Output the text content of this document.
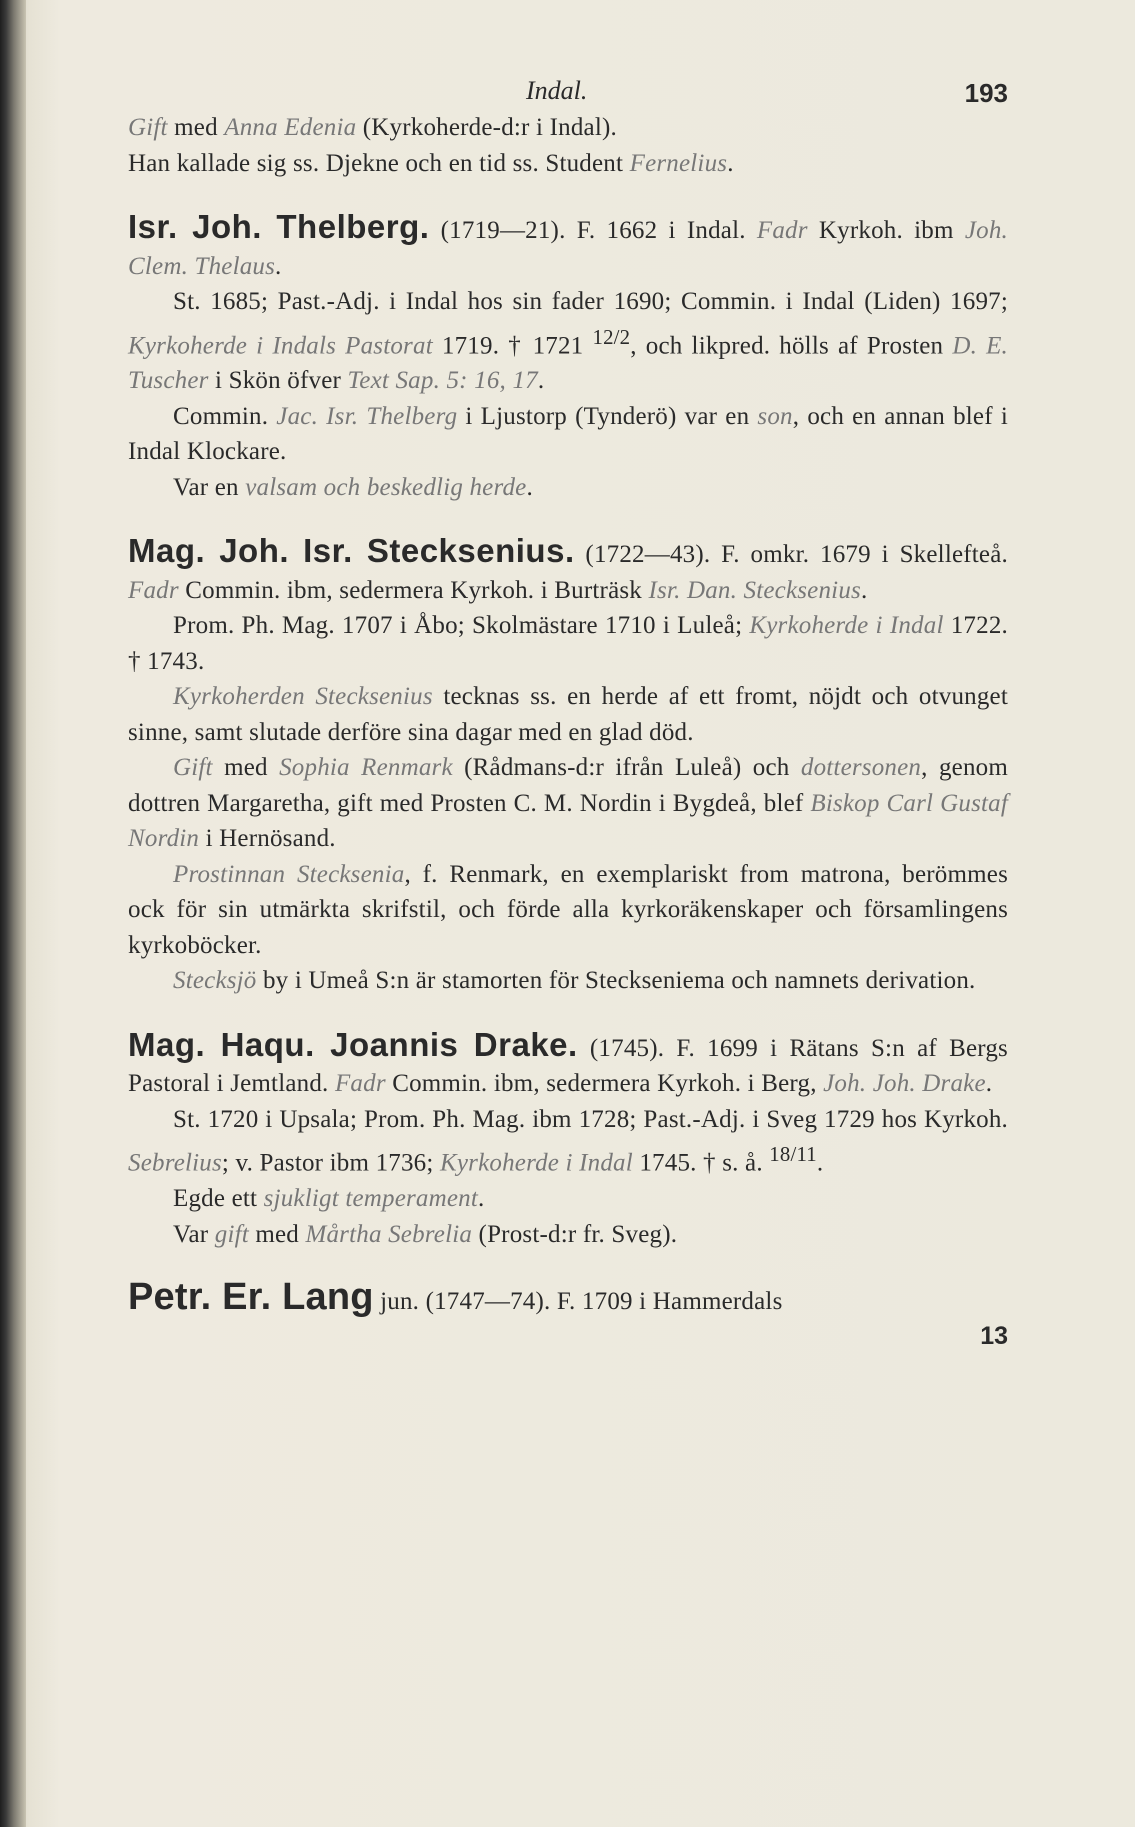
Indal.	193

Gift med Anna Edenia (Kyrkoherde-d:r i Indal).

Han kallade sig ss. Djekne och en tid ss. Student Fernelius.

Isr. Joh. Thelberg. (1719—21). F. 1662 i Indal. Fadr Kyrkoh. ibm Joh. Clem. Thelaus.

St. 1685; Past.-Adj. i Indal hos sin fader 1690; Commin. i Indal (Liden) 1697; Kyrkoherde i Indals Pastorat 1719. † 1721 $^{12/2}$, och likpred. hölls af Prosten D. E. Tuscher i Skön öfver Text Sap. 5: 16, 17.

Commin. Jac. Isr. Thelberg i Ljustorp (Tynderö) var en son, och en annan blef i Indal Klockare.

Var en valsam och beskedlig herde.

Mag. Joh. Isr. Stecksenius. (1722—43). F. omkr. 1679 i Skellefteå. Fadr Commin. ibm, sedermera Kyrkoh. i Burträsk Isr. Dan. Stecksenius.

Prom. Ph. Mag. 1707 i Åbo; Skolmästare 1710 i Luleå; Kyrkoherde i Indal 1722. † 1743.

Kyrkoherden Stecksenius tecknas ss. en herde af ett fromt, nöjdt och otvunget sinne, samt slutade derföre sina dagar med en glad död.

Gift med Sophia Renmark (Rådmans-d:r ifrån Luleå) och dottersonen, genom dottren Margaretha, gift med Prosten C. M. Nordin i Bygdeå, blef Biskop Carl Gustaf Nordin i Hernösand.

Prostinnan Stecksenia, f. Renmark, en exemplariskt from matrona, berömmes ock för sin utmärkta skrifstil, och förde alla kyrkoräkenskaper och församlingens kyrkoböcker.

Stecksjö by i Umeå S:n är stamorten för Steckseniema och namnets derivation.

Mag. Haqu. Joannis Drake. (1745). F. 1699 i Rätans S:n af Bergs Pastoral i Jemtland. Fadr Commin. ibm, sedermera Kyrkoh. i Berg, Joh. Joh. Drake.

St. 1720 i Upsala; Prom. Ph. Mag. ibm 1728; Past.-Adj. i Sveg 1729 hos Kyrkoh. Sebrelius; v. Pastor ibm 1736; Kyrkoherde i Indal 1745. † s. å. $^{18/11}$.

Egde ett sjukligt temperament.

Var gift med Mårtha Sebrelia (Prost-d:r fr. Sveg).

Petr. Er. Lang jun. (1747—74). F. 1709 i Hammerdals

13
